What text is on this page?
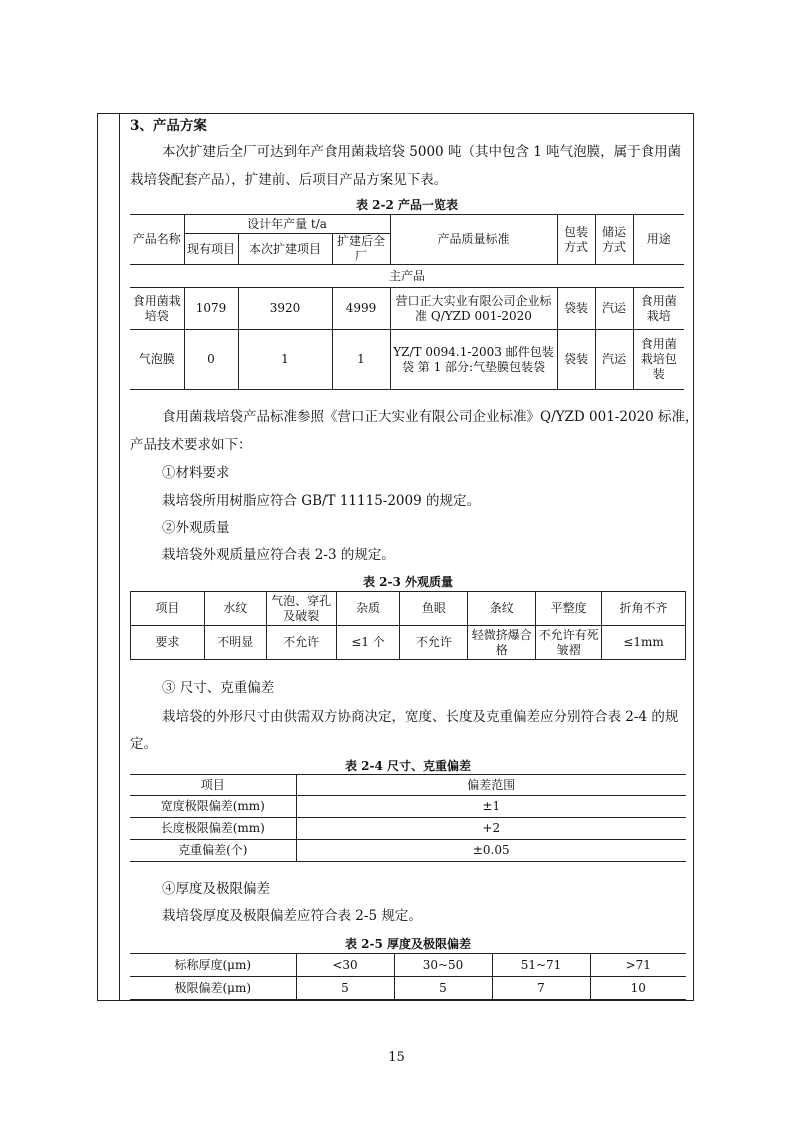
3、产品方案
本次扩建后全厂可达到年产食用菌栽培袋 5000 吨（其中包含 1 吨气泡膜，属于食用菌
栽培袋配套产品），扩建前、后项目产品方案见下表。
表 2-2 产品一览表
产品名称	设计年产量 t/a			产品质量标准	包装方式	储运方式	用途
	现有项目	本次扩建项目	扩建后全厂				
主产品							
食用菌栽培袋	1079	3920	4999	营口正大实业有限公司企业标准 Q/YZD 001-2020	袋装	汽运	食用菌栽培
气泡膜	0	1	1	YZ/T 0094.1-2003 邮件包装袋 第 1 部分:气垫膜包装袋	袋装	汽运	食用菌栽培包装
食用菌栽培袋产品标准参照《营口正大实业有限公司企业标准》Q/YZD 001-2020 标准，
产品技术要求如下：
①材料要求
栽培袋所用树脂应符合 GB/T 11115-2009 的规定。
②外观质量
栽培袋外观质量应符合表 2-3 的规定。
表 2-3 外观质量
项目	水纹	气泡、穿孔及破裂	杂质	鱼眼	条纹	平整度	折角不齐
要求	不明显	不允许	≤1 个	不允许	轻微挤爆合格	不允许有死皱褶	≤1mm
③ 尺寸、克重偏差
栽培袋的外形尺寸由供需双方协商决定，宽度、长度及克重偏差应分别符合表 2-4 的规
定。
表 2-4 尺寸、克重偏差
项目	偏差范围
宽度极限偏差(mm)	±1
长度极限偏差(mm)	+2
克重偏差(个)	±0.05
④厚度及极限偏差
栽培袋厚度及极限偏差应符合表 2-5 规定。
表 2-5 厚度及极限偏差
标称厚度(μm)	<30	30~50	51~71	>71
极限偏差(μm)	5	5	7	10
15
